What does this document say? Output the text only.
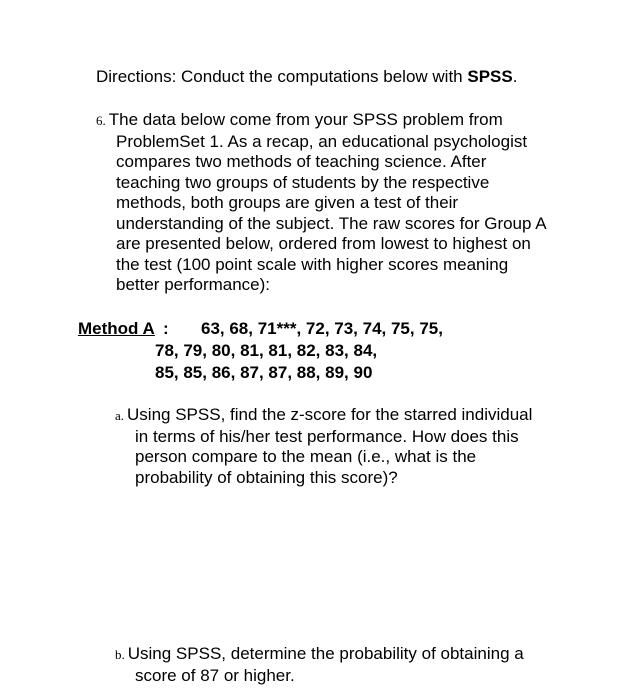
Directions: Conduct the computations below with SPSS.
6. The data below come from your SPSS problem from
ProblemSet 1. As a recap, an educational psychologist
compares two methods of teaching science. After
teaching two groups of students by the respective
methods, both groups are given a test of their
understanding of the subject. The raw scores for Group A
are presented below, ordered from lowest to highest on
the test (100 point scale with higher scores meaning
better performance):
Method A : 63, 68, 71***, 72, 73, 74, 75, 75,
78, 79, 80, 81, 81, 82, 83, 84,
85, 85, 86, 87, 87, 88, 89, 90
a. Using SPSS, find the z-score for the starred individual
in terms of his/her test performance. How does this
person compare to the mean (i.e., what is the
probability of obtaining this score)?
b. Using SPSS, determine the probability of obtaining a
score of 87 or higher.
